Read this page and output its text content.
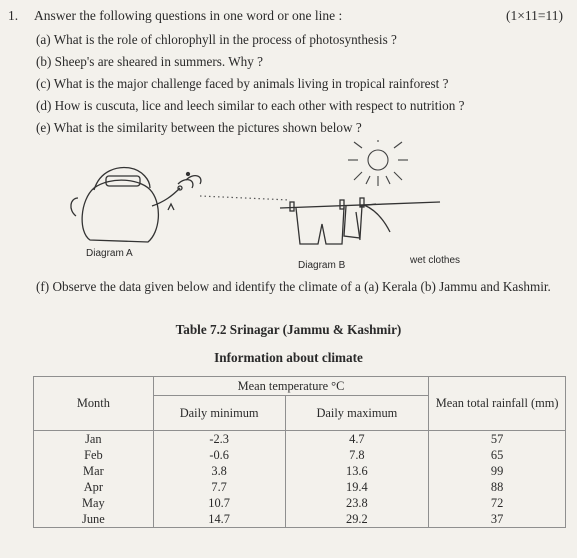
1. Answer the following questions in one word or one line :	(1×11=11)
(a) What is the role of chlorophyll in the process of photosynthesis ?
(b) Sheep's are sheared in summers. Why ?
(c) What is the major challenge faced by animals living in tropical rainforest ?
(d) How is cuscuta, lice and leech similar to each other with respect to nutrition ?
(e) What is the similarity between the pictures shown below ?
Diagram A
Diagram B	wet clothes
(f) Observe the data given below and identify the climate of a (a) Kerala (b) Jammu and Kashmir.
Table 7.2 Srinagar (Jammu & Kashmir)
Information about climate
Month	Mean temperature °C		Mean total rainfall (mm)
	Daily minimum	Daily maximum	
Jan	-2.3	4.7	57
Feb	-0.6	7.8	65
Mar	3.8	13.6	99
Apr	7.7	19.4	88
May	10.7	23.8	72
June	14.7	29.2	37
